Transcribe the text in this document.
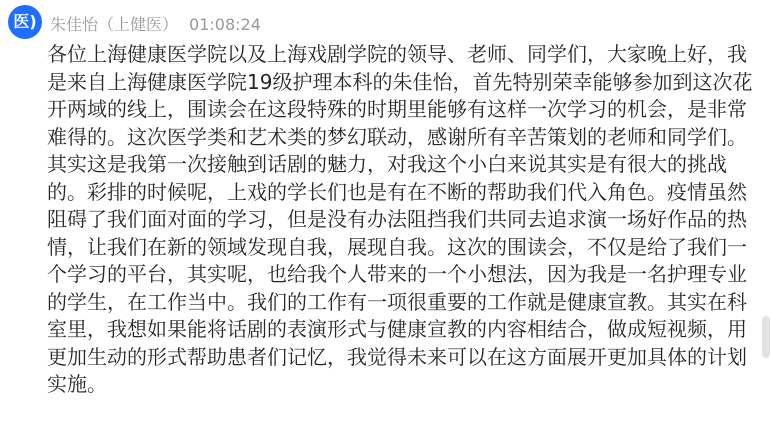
医) 朱佳怡（上健医） 01:08:24
各位上海健康医学院以及上海戏剧学院的领导、老师、同学们，大家晚上好，我
是来自上海健康医学院19级护理本科的朱佳怡，首先特别荣幸能够参加到这次花
开两域的线上，围读会在这段特殊的时期里能够有这样一次学习的机会，是非常
难得的。这次医学类和艺术类的梦幻联动，感谢所有辛苦策划的老师和同学们。
其实这是我第一次接触到话剧的魅力，对我这个小白来说其实是有很大的挑战
的。彩排的时候呢，上戏的学长们也是有在不断的帮助我们代入角色。疫情虽然
阻碍了我们面对面的学习，但是没有办法阻挡我们共同去追求演一场好作品的热
情，让我们在新的领域发现自我，展现自我。这次的围读会，不仅是给了我们一
个学习的平台，其实呢，也给我个人带来的一个小想法，因为我是一名护理专业
的学生，在工作当中。我们的工作有一项很重要的工作就是健康宣教。其实在科
室里，我想如果能将话剧的表演形式与健康宣教的内容相结合，做成短视频，用
更加生动的形式帮助患者们记忆，我觉得未来可以在这方面展开更加具体的计划
实施。
